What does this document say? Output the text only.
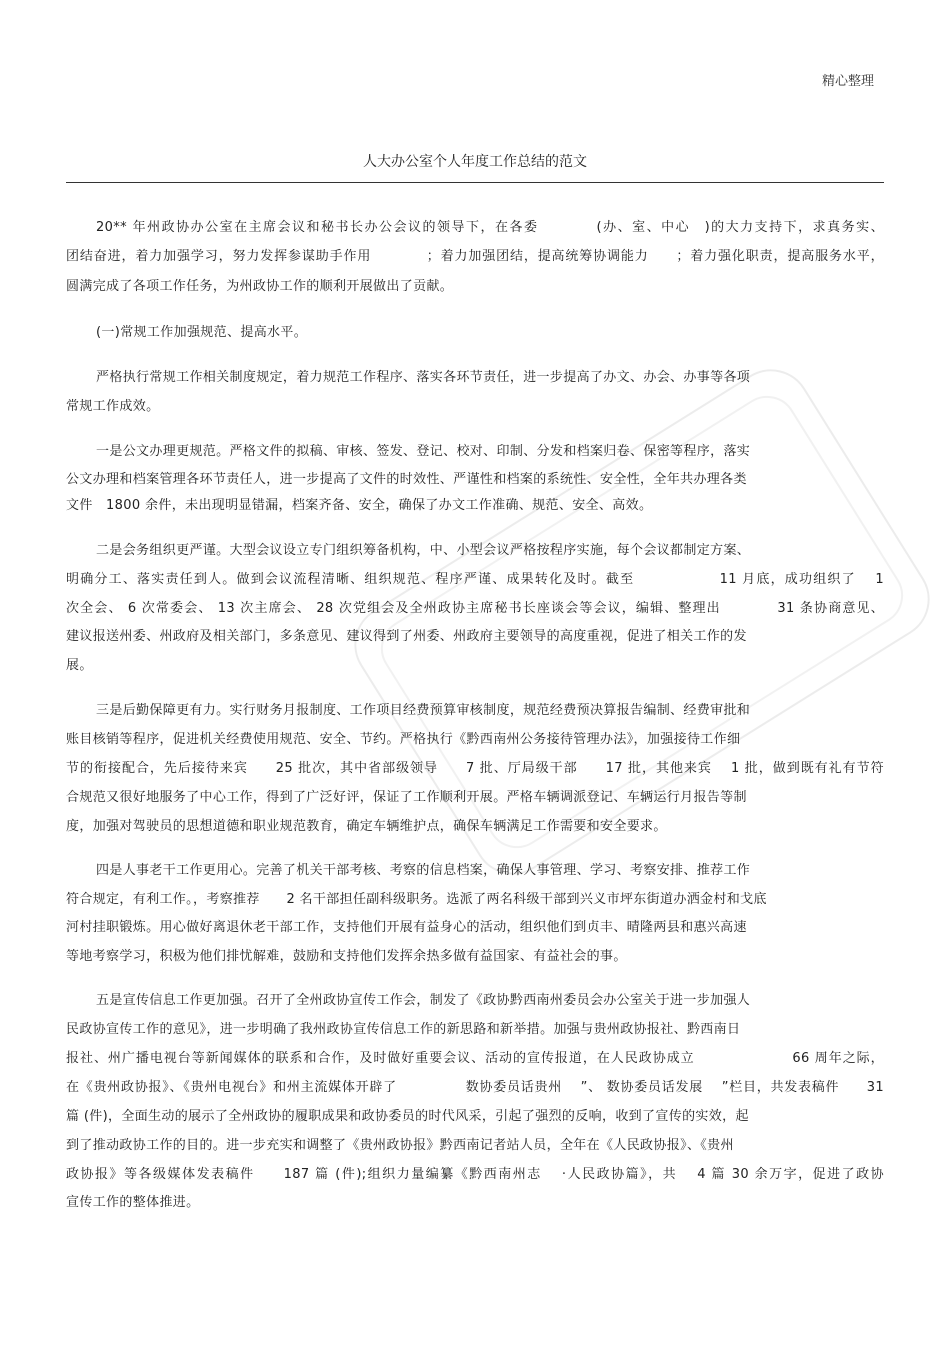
精心整理
人大办公室个人年度工作总结的范文
20** 年州政协办公室在主席会议和秘书长办公会议的领导下，在各委　　　　(办、室、中心　)的大力支持下，求真务实、
团结奋进，着力加强学习，努力发挥参谋助手作用　　　　；着力加强团结，提高统筹协调能力　　；着力强化职责，提高服务水平，
圆满完成了各项工作任务，为州政协工作的顺利开展做出了贡献。
(一)常规工作加强规范、提高水平。
严格执行常规工作相关制度规定，着力规范工作程序、落实各环节责任，进一步提高了办文、办会、办事等各项
常规工作成效。
一是公文办理更规范。严格文件的拟稿、审核、签发、登记、校对、印制、分发和档案归卷、保密等程序，落实
公文办理和档案管理各环节责任人，进一步提高了文件的时效性、严谨性和档案的系统性、安全性，全年共办理各类
文件　1800 余件，未出现明显错漏，档案齐备、安全，确保了办文工作准确、规范、安全、高效。
二是会务组织更严谨。大型会议设立专门组织筹备机构，中、小型会议严格按程序实施，每个会议都制定方案、
明确分工、落实责任到人。做到会议流程清晰、组织规范、程序严谨、成果转化及时。截至　　　　　　11 月底，成功组织了　 1
次全会、 6 次常委会、 13 次主席会、 28 次党组会及全州政协主席秘书长座谈会等会议，编辑、整理出　　　　31 条协商意见、
建议报送州委、州政府及相关部门，多条意见、建议得到了州委、州政府主要领导的高度重视，促进了相关工作的发
展。
三是后勤保障更有力。实行财务月报制度、工作项目经费预算审核制度，规范经费预决算报告编制、经费审批和
账目核销等程序，促进机关经费使用规范、安全、节约。严格执行《黔西南州公务接待管理办法》，加强接待工作细
节的衔接配合，先后接待来宾　　25 批次，其中省部级领导　　7 批、厅局级干部　　17 批，其他来宾　 1 批，做到既有礼有节符
合规范又很好地服务了中心工作，得到了广泛好评，保证了工作顺利开展。严格车辆调派登记、车辆运行月报告等制
度，加强对驾驶员的思想道德和职业规范教育，确定车辆维护点，确保车辆满足工作需要和安全要求。
四是人事老干工作更用心。完善了机关干部考核、考察的信息档案，确保人事管理、学习、考察安排、推荐工作
符合规定，有利工作。，考察推荐　　2 名干部担任副科级职务。选派了两名科级干部到兴义市坪东街道办洒金村和戈底
河村挂职锻炼。用心做好离退休老干部工作，支持他们开展有益身心的活动，组织他们到贞丰、晴隆两县和惠兴高速
等地考察学习，积极为他们排忧解难，鼓励和支持他们发挥余热多做有益国家、有益社会的事。
五是宣传信息工作更加强。召开了全州政协宣传工作会，制发了《政协黔西南州委员会办公室关于进一步加强人
民政协宣传工作的意见》，进一步明确了我州政协宣传信息工作的新思路和新举措。加强与贵州政协报社、黔西南日
报社、州广播电视台等新闻媒体的联系和合作，及时做好重要会议、活动的宣传报道，在人民政协成立　　　　　　　66 周年之际，
在《贵州政协报》、《贵州电视台》和州主流媒体开辟了　　　　　数协委员话贵州　 ”、 数协委员话发展　 ”栏目，共发表稿件　　31
篇 (件)，全面生动的展示了全州政协的履职成果和政协委员的时代风采，引起了强烈的反响，收到了宣传的实效，起
到了推动政协工作的目的。进一步充实和调整了《贵州政协报》黔西南记者站人员，全年在《人民政协报》、《贵州
政协报》等各级媒体发表稿件　　187 篇 (件);组织力量编纂《黔西南州志　 ·人民政协篇》，共　 4 篇 30 余万字，促进了政协
宣传工作的整体推进。
